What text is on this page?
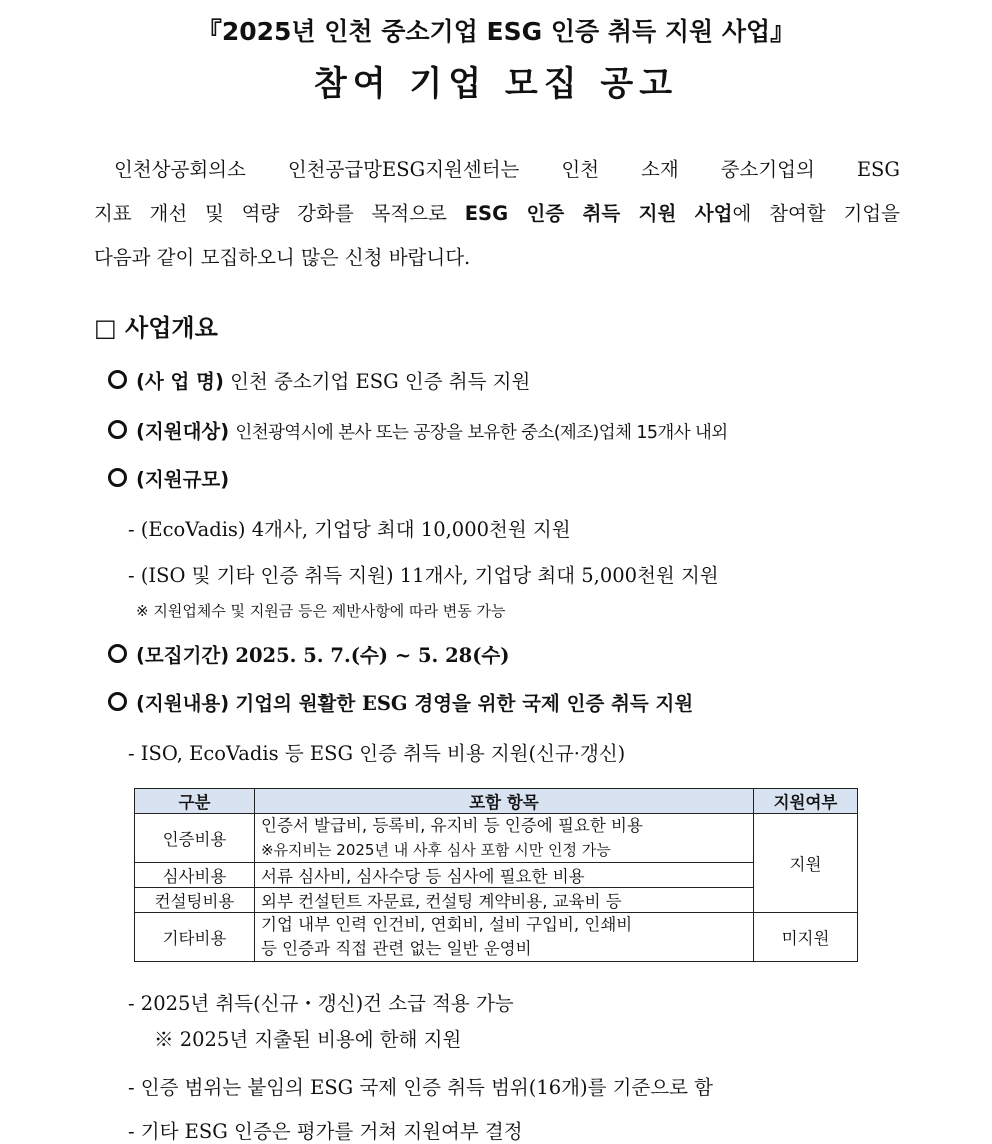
『2025년 인천 중소기업 ESG 인증 취득 지원 사업』
참여 기업 모집 공고
인천상공회의소 인천공급망ESG지원센터는 인천 소재 중소기업의 ESG
지표 개선 및 역량 강화를 목적으로 ESG 인증 취득 지원 사업에 참여할 기업을
다음과 같이 모집하오니 많은 신청 바랍니다.
□ 사업개요
(사 업 명) 인천 중소기업 ESG 인증 취득 지원
(지원대상) 인천광역시에 본사 또는 공장을 보유한 중소(제조)업체 15개사 내외
(지원규모)
- (EcoVadis) 4개사, 기업당 최대 10,000천원 지원
- (ISO 및 기타 인증 취득 지원) 11개사, 기업당 최대 5,000천원 지원
※ 지원업체수 및 지원금 등은 제반사항에 따라 변동 가능
(모집기간) 2025. 5. 7.(수) ~ 5. 28(수)
(지원내용) 기업의 원활한 ESG 경영을 위한 국제 인증 취득 지원
- ISO, EcoVadis 등 ESG 인증 취득 비용 지원(신규·갱신)
구분	포함 항목	지원여부
인증비용	인증서 발급비, 등록비, 유지비 등 인증에 필요한 비용
※유지비는 2025년 내 사후 심사 포함 시만 인정 가능	지원
심사비용	서류 심사비, 심사수당 등 심사에 필요한 비용	
컨설팅비용	외부 컨설턴트 자문료, 컨설팅 계약비용, 교육비 등	
기타비용	기업 내부 인력 인건비, 연회비, 설비 구입비, 인쇄비
등 인증과 직접 관련 없는 일반 운영비	미지원
- 2025년 취득(신규・갱신)건 소급 적용 가능
※ 2025년 지출된 비용에 한해 지원
- 인증 범위는 붙임의 ESG 국제 인증 취득 범위(16개)를 기준으로 함
- 기타 ESG 인증은 평가를 거쳐 지원여부 결정
